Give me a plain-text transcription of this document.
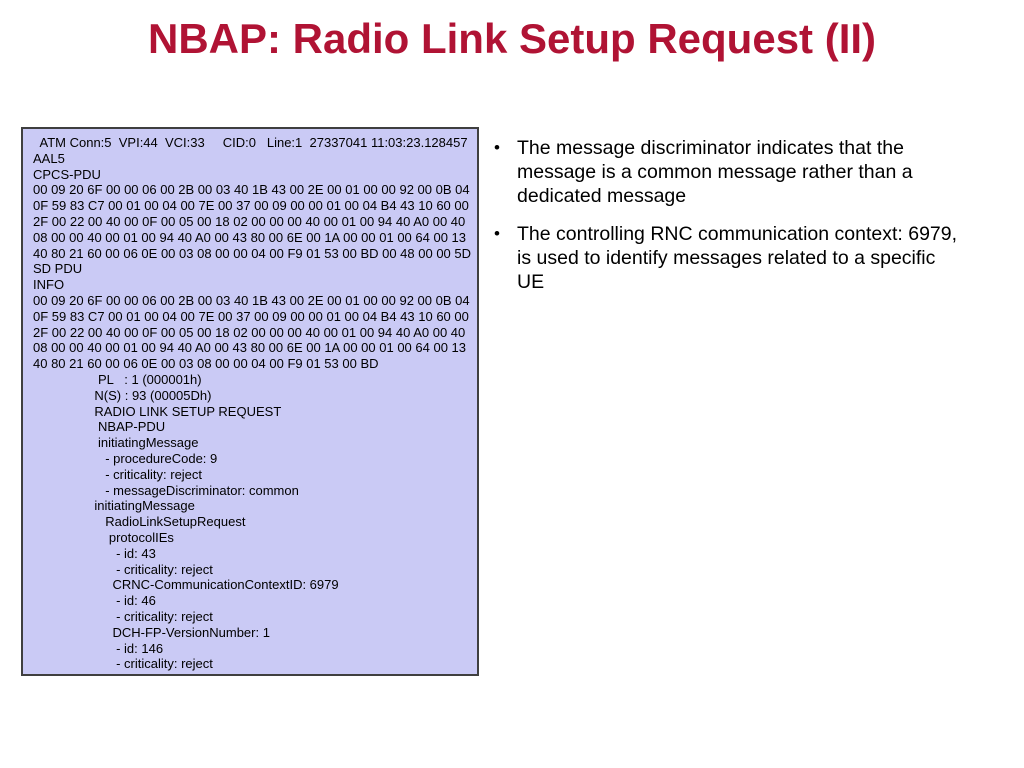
NBAP: Radio Link Setup Request (II)
ATM Conn:5  VPI:44  VCI:33     CID:0   Line:1  27337041 11:03:23.128457
AAL5
CPCS-PDU
00 09 20 6F 00 00 06 00 2B 00 03 40 1B 43 00 2E 00 01 00 00 92 00 0B 04
0F 59 83 C7 00 01 00 04 00 7E 00 37 00 09 00 00 01 00 04 B4 43 10 60 00
2F 00 22 00 40 00 0F 00 05 00 18 02 00 00 00 40 00 01 00 94 40 A0 00 40
08 00 00 40 00 01 00 94 40 A0 00 43 80 00 6E 00 1A 00 00 01 00 64 00 13
40 80 21 60 00 06 0E 00 03 08 00 00 04 00 F9 01 53 00 BD 00 48 00 00 5D
SD PDU
INFO
00 09 20 6F 00 00 06 00 2B 00 03 40 1B 43 00 2E 00 01 00 00 92 00 0B 04
0F 59 83 C7 00 01 00 04 00 7E 00 37 00 09 00 00 01 00 04 B4 43 10 60 00
2F 00 22 00 40 00 0F 00 05 00 18 02 00 00 00 40 00 01 00 94 40 A0 00 40
08 00 00 40 00 01 00 94 40 A0 00 43 80 00 6E 00 1A 00 00 01 00 64 00 13
40 80 21 60 00 06 0E 00 03 08 00 00 04 00 F9 01 53 00 BD
PL   : 1 (000001h)
N(S) : 93 (00005Dh)
RADIO LINK SETUP REQUEST
NBAP-PDU
initiatingMessage
- procedureCode: 9
- criticality: reject
- messageDiscriminator: common
initiatingMessage
RadioLinkSetupRequest
protocolIEs
- id: 43
- criticality: reject
CRNC-CommunicationContextID: 6979
- id: 46
- criticality: reject
DCH-FP-VersionNumber: 1
- id: 146
- criticality: reject
• The message discriminator indicates that the message is a common message rather than a dedicated message
• The controlling RNC communication context: 6979, is used to identify messages related to a specific UE
